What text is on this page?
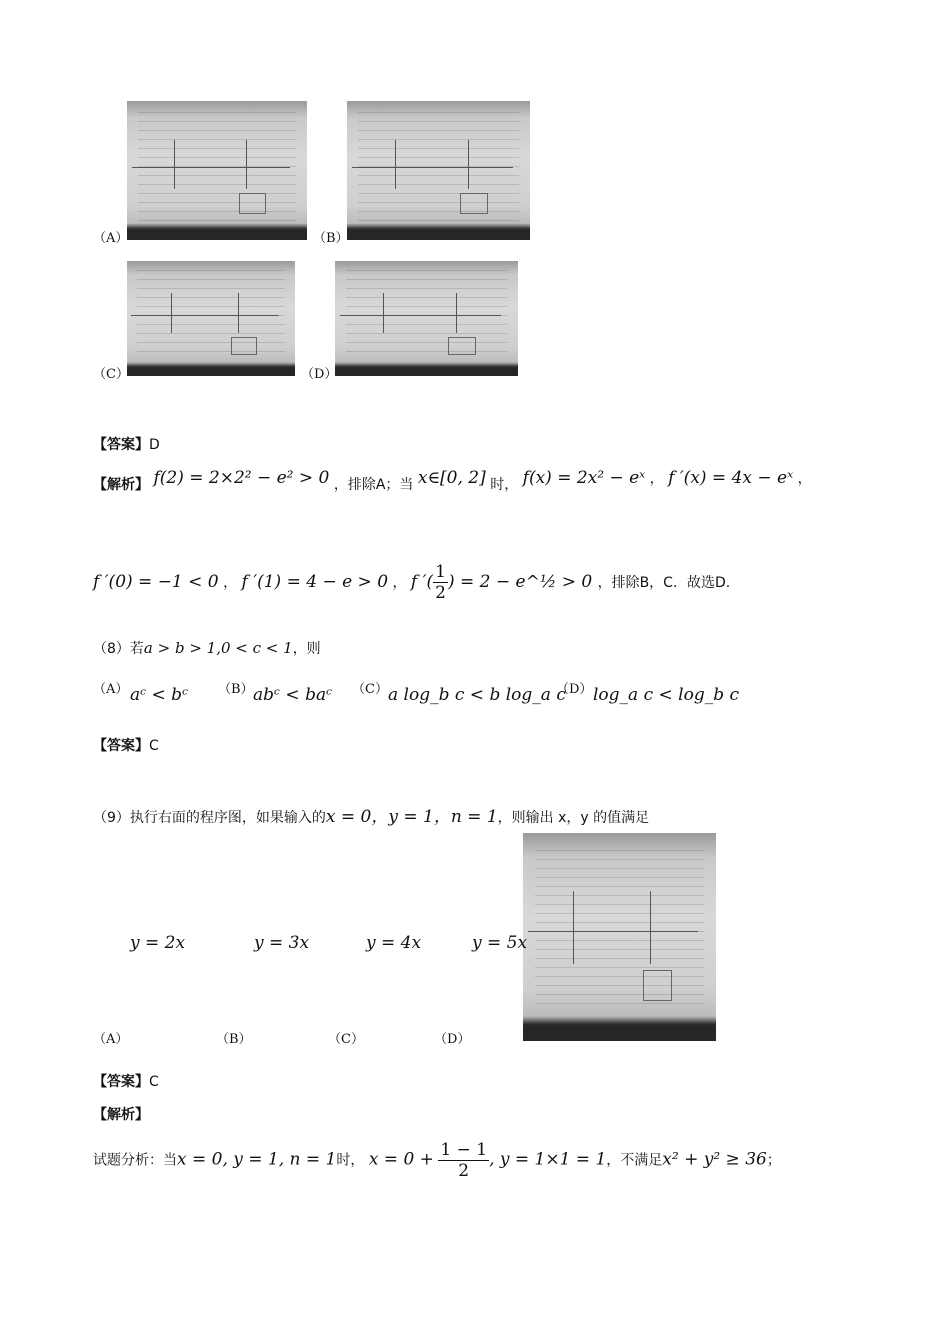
（A）	（B）
（C）	（D）
【答案】D
【解析】 f(2) = 2×2² − e² > 0 ，排除A；当 x∈[0, 2] 时， f(x) = 2x² − eˣ ， f ′(x) = 4x − eˣ ，
f ′(0) = −1 < 0 ， f ′(1) = 4 − e > 0 ， f ′( $\frac{1}{2}$ ) = 2 − e^½ > 0 ，排除B，C．故选D.
（8）若a > b > 1,0 < c < 1，则
（A） aᶜ < bᶜ （B） abᶜ < baᶜ （C） a log_b c < b log_a c
（D） log_a c < log_b c
【答案】C
（9）执行右面的程序图，如果输入的x = 0，y = 1，n = 1，则输出 x，y 的值满足
y = 2x	y = 3x	y = 4x	y = 5x
（A）	（B）	（C）	（D）
【答案】C
【解析】
试题分析：当x = 0, y = 1, n = 1时， $x = 0 + \frac{1 - 1}{2}$ , y = 1×1 = 1，不满足x² + y² ≥ 36；
